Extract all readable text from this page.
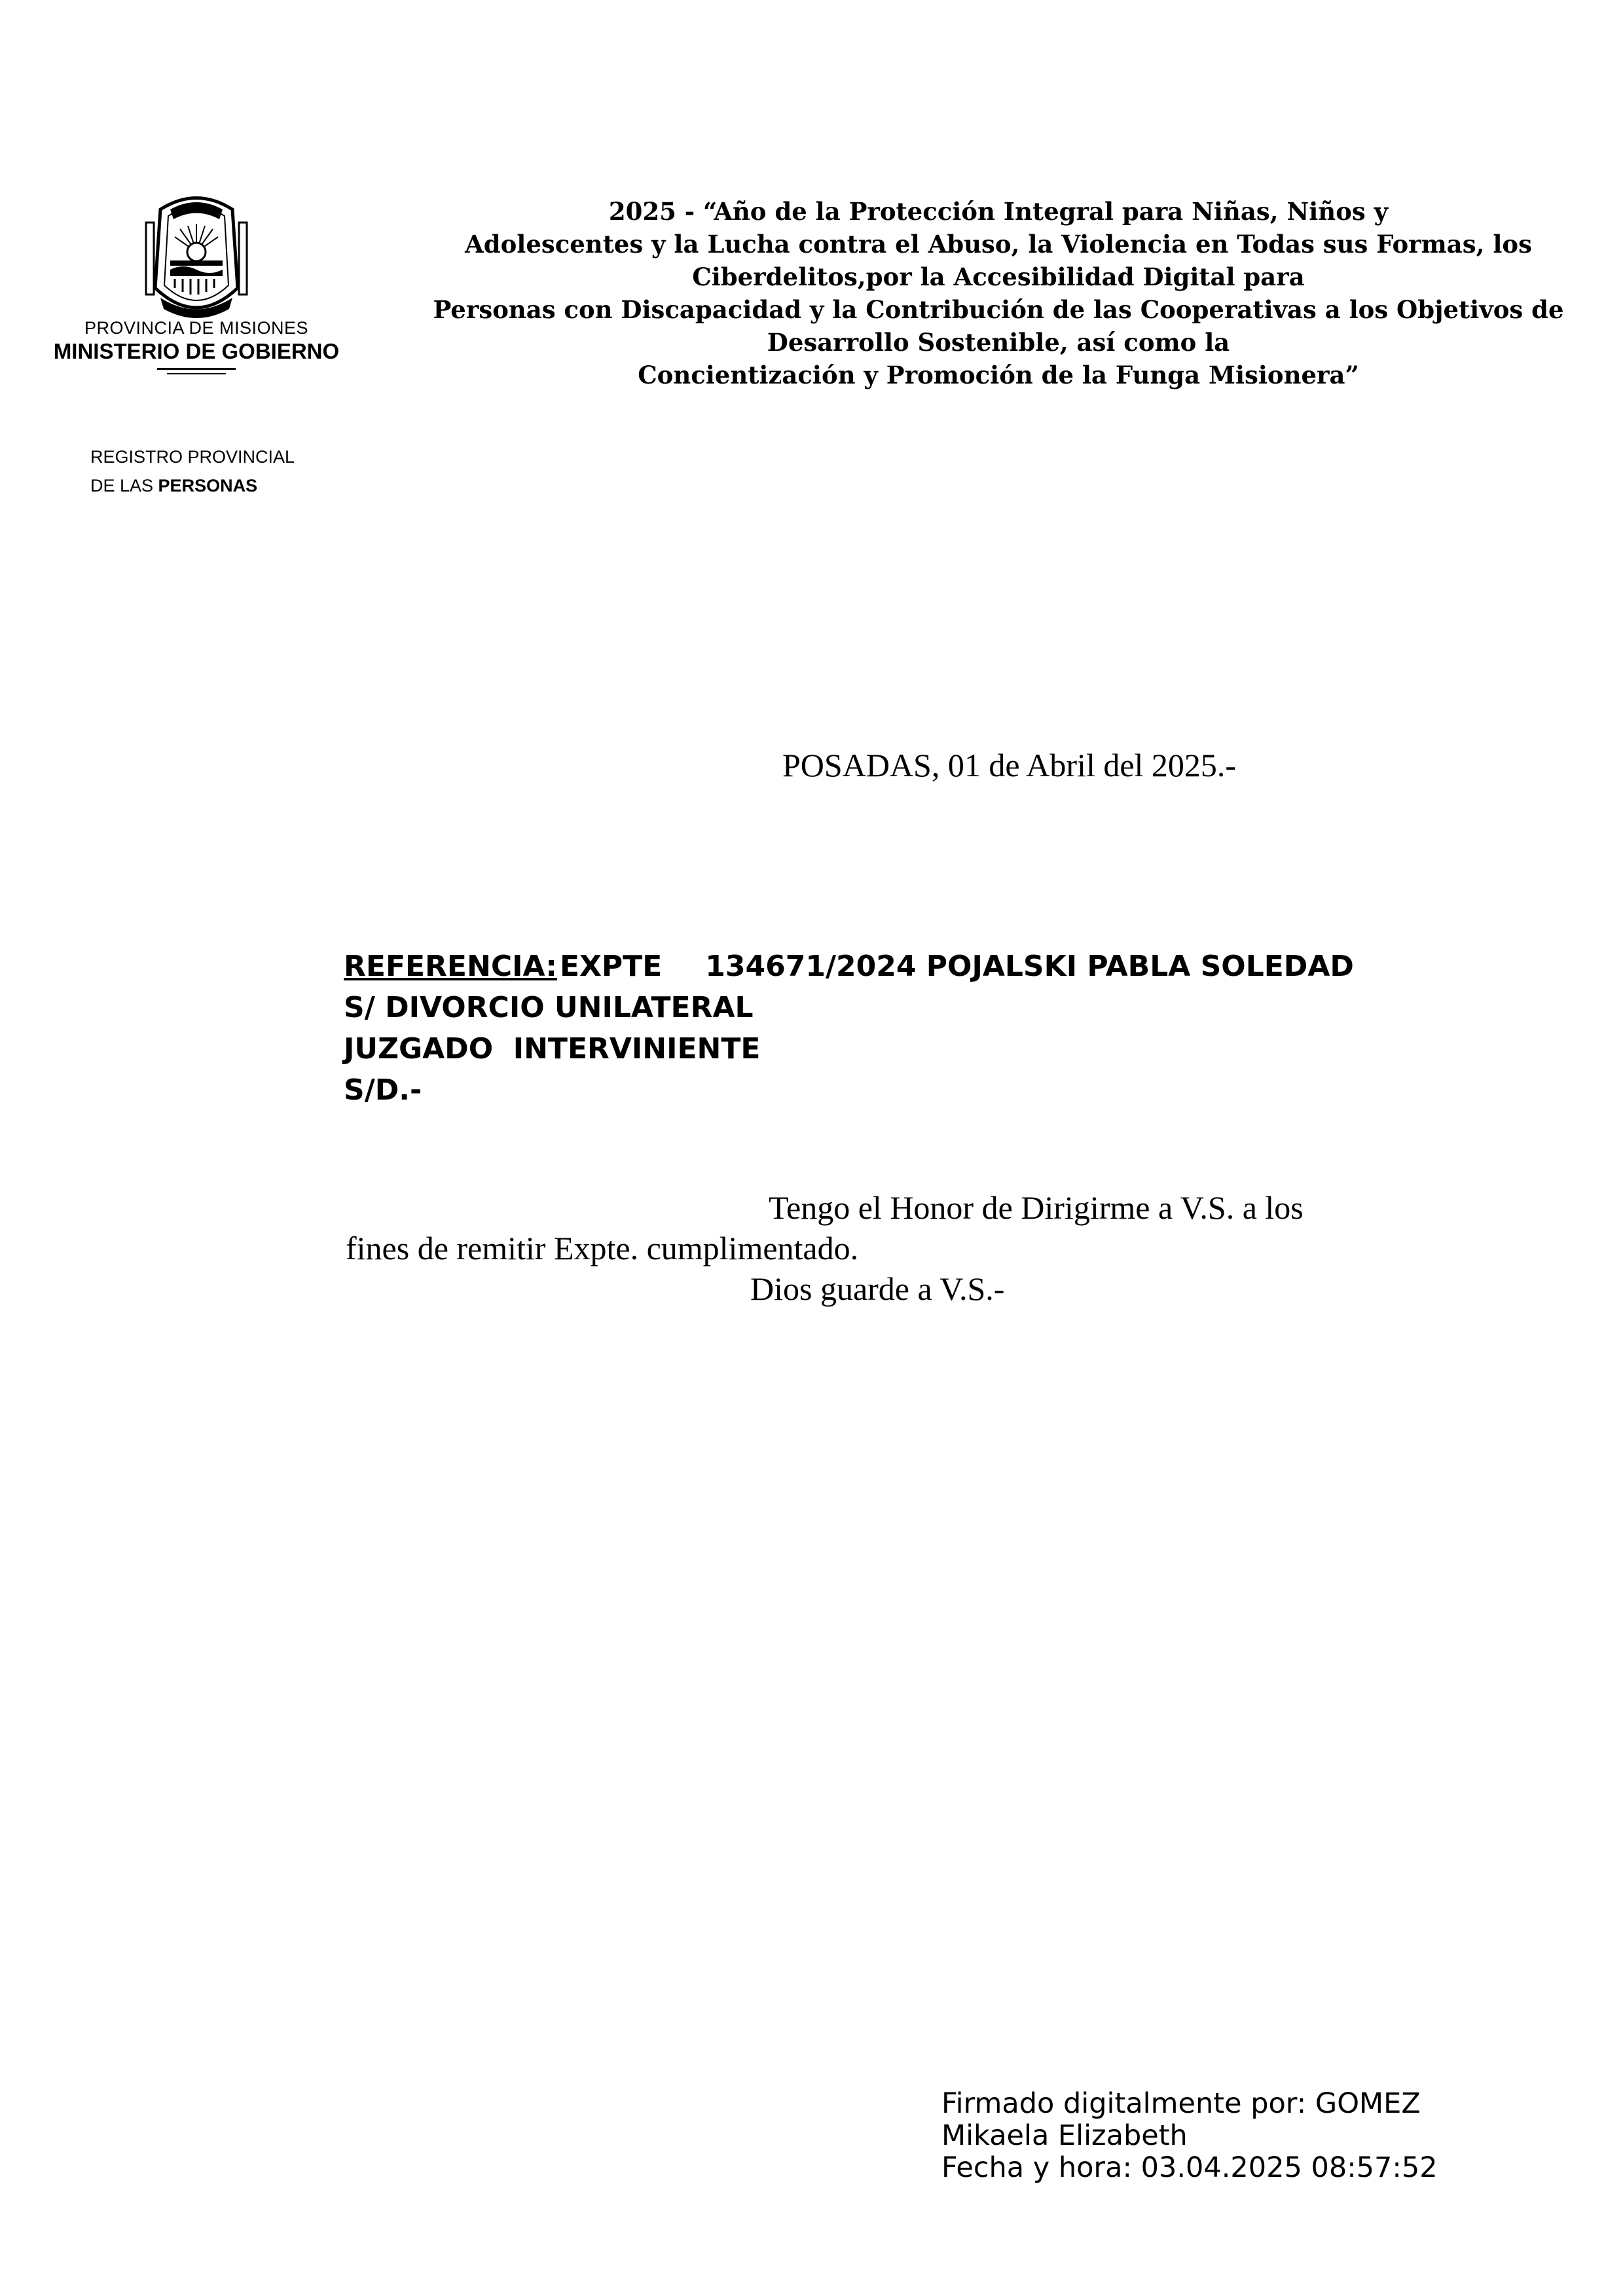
PROVINCIA DE MISIONES
MINISTERIO DE GOBIERNO
REGISTRO PROVINCIAL
DE LAS PERSONAS
2025 - “Año de la Protección Integral para Niñas, Niños y
Adolescentes y la Lucha contra el Abuso, la Violencia en Todas sus Formas, los
Ciberdelitos,por la Accesibilidad Digital para
Personas con Discapacidad y la Contribución de las Cooperativas a los Objetivos de
Desarrollo Sostenible, así como la
Concientización y Promoción de la Funga Misionera”
POSADAS, 01 de Abril del 2025.-
REFERENCIA:EXPTE 134671/2024 POJALSKI PABLA SOLEDAD
S/ DIVORCIO UNILATERAL
JUZGADO  INTERVINIENTE
S/D.-
Tengo el Honor de Dirigirme a V.S. a los
fines de remitir Expte. cumplimentado.
Dios guarde a V.S.-
Firmado digitalmente por: GOMEZ
Mikaela Elizabeth
Fecha y hora: 03.04.2025 08:57:52
